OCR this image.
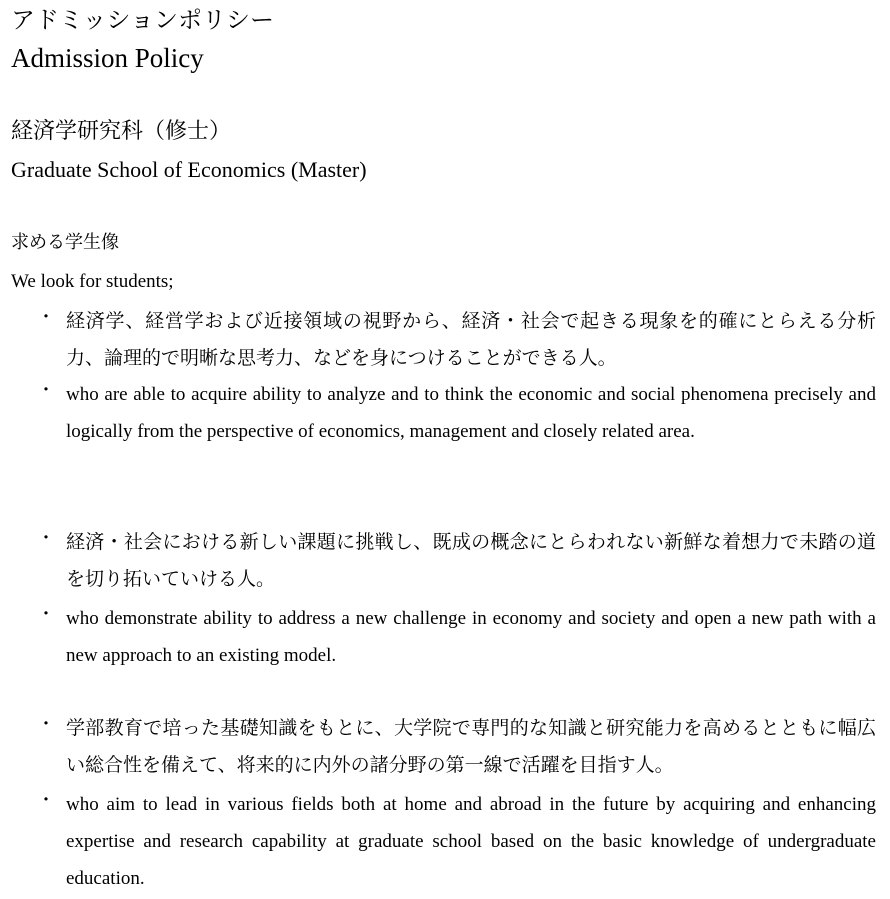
アドミッションポリシー
Admission Policy
経済学研究科（修士）
Graduate School of Economics (Master)
求める学生像
We look for students;
・ 経済学、経営学および近接領域の視野から、経済・社会で起きる現象を的確にとらえる分析力、論理的で明晰な思考力、などを身につけることができる人。
・ who are able to acquire ability to analyze and to think the economic and social phenomena precisely and logically from the perspective of economics, management and closely related area.
・ 経済・社会における新しい課題に挑戦し、既成の概念にとらわれない新鮮な着想力で未踏の道を切り拓いていける人。
・ who demonstrate ability to address a new challenge in economy and society and open a new path with a new approach to an existing model.
・ 学部教育で培った基礎知識をもとに、大学院で専門的な知識と研究能力を高めるとともに幅広い総合性を備えて、将来的に内外の諸分野の第一線で活躍を目指す人。
・ who aim to lead in various fields both at home and abroad in the future by acquiring and enhancing expertise and research capability at graduate school based on the basic knowledge of undergraduate education.
